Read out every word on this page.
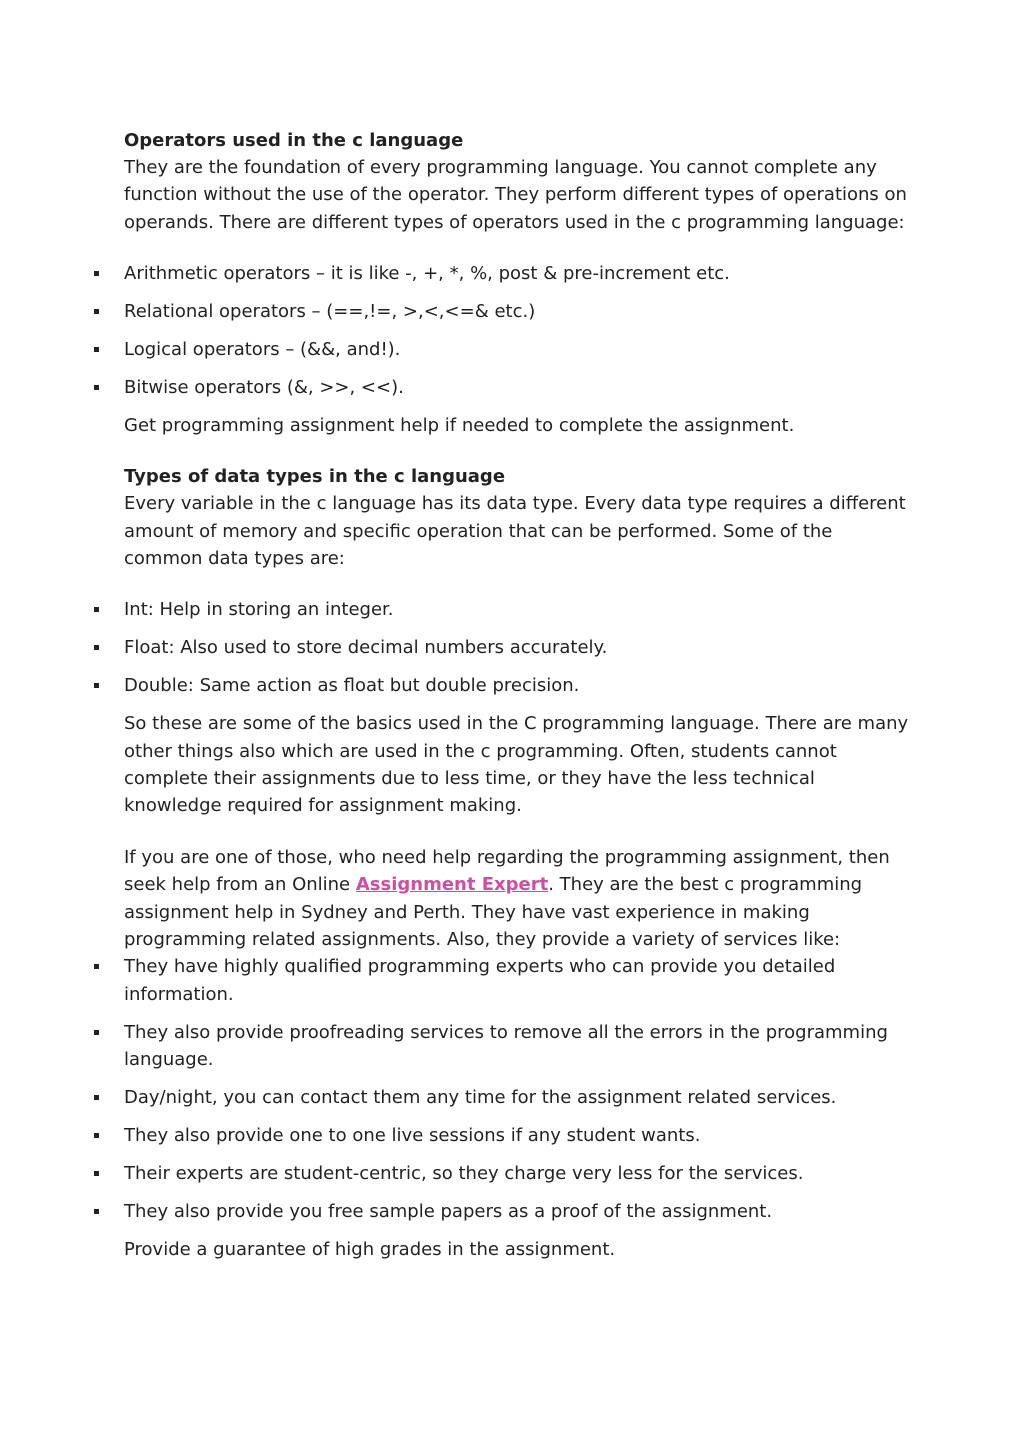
Operators used in the c language

They are the foundation of every programming language. You cannot complete any function without the use of the operator. They perform different types of operations on operands. There are different types of operators used in the c programming language:

Arithmetic operators – it is like -, +, *, %, post & pre-increment etc.
Relational operators – (==,!=, >,<,<=& etc.)
Logical operators – (&&, and!).
Bitwise operators (&, >>, <<).

Get programming assignment help if needed to complete the assignment.

Types of data types in the c language

Every variable in the c language has its data type. Every data type requires a different amount of memory and specific operation that can be performed. Some of the common data types are:

Int: Help in storing an integer.
Float: Also used to store decimal numbers accurately.
Double: Same action as float but double precision.

So these are some of the basics used in the C programming language. There are many other things also which are used in the c programming. Often, students cannot complete their assignments due to less time, or they have the less technical knowledge required for assignment making.

If you are one of those, who need help regarding the programming assignment, then seek help from an Online Assignment Expert. They are the best c programming assignment help in Sydney and Perth. They have vast experience in making programming related assignments. Also, they provide a variety of services like:

They have highly qualified programming experts who can provide you detailed information.
They also provide proofreading services to remove all the errors in the programming language.
Day/night, you can contact them any time for the assignment related services.
They also provide one to one live sessions if any student wants.
Their experts are student-centric, so they charge very less for the services.
They also provide you free sample papers as a proof of the assignment.

Provide a guarantee of high grades in the assignment.
